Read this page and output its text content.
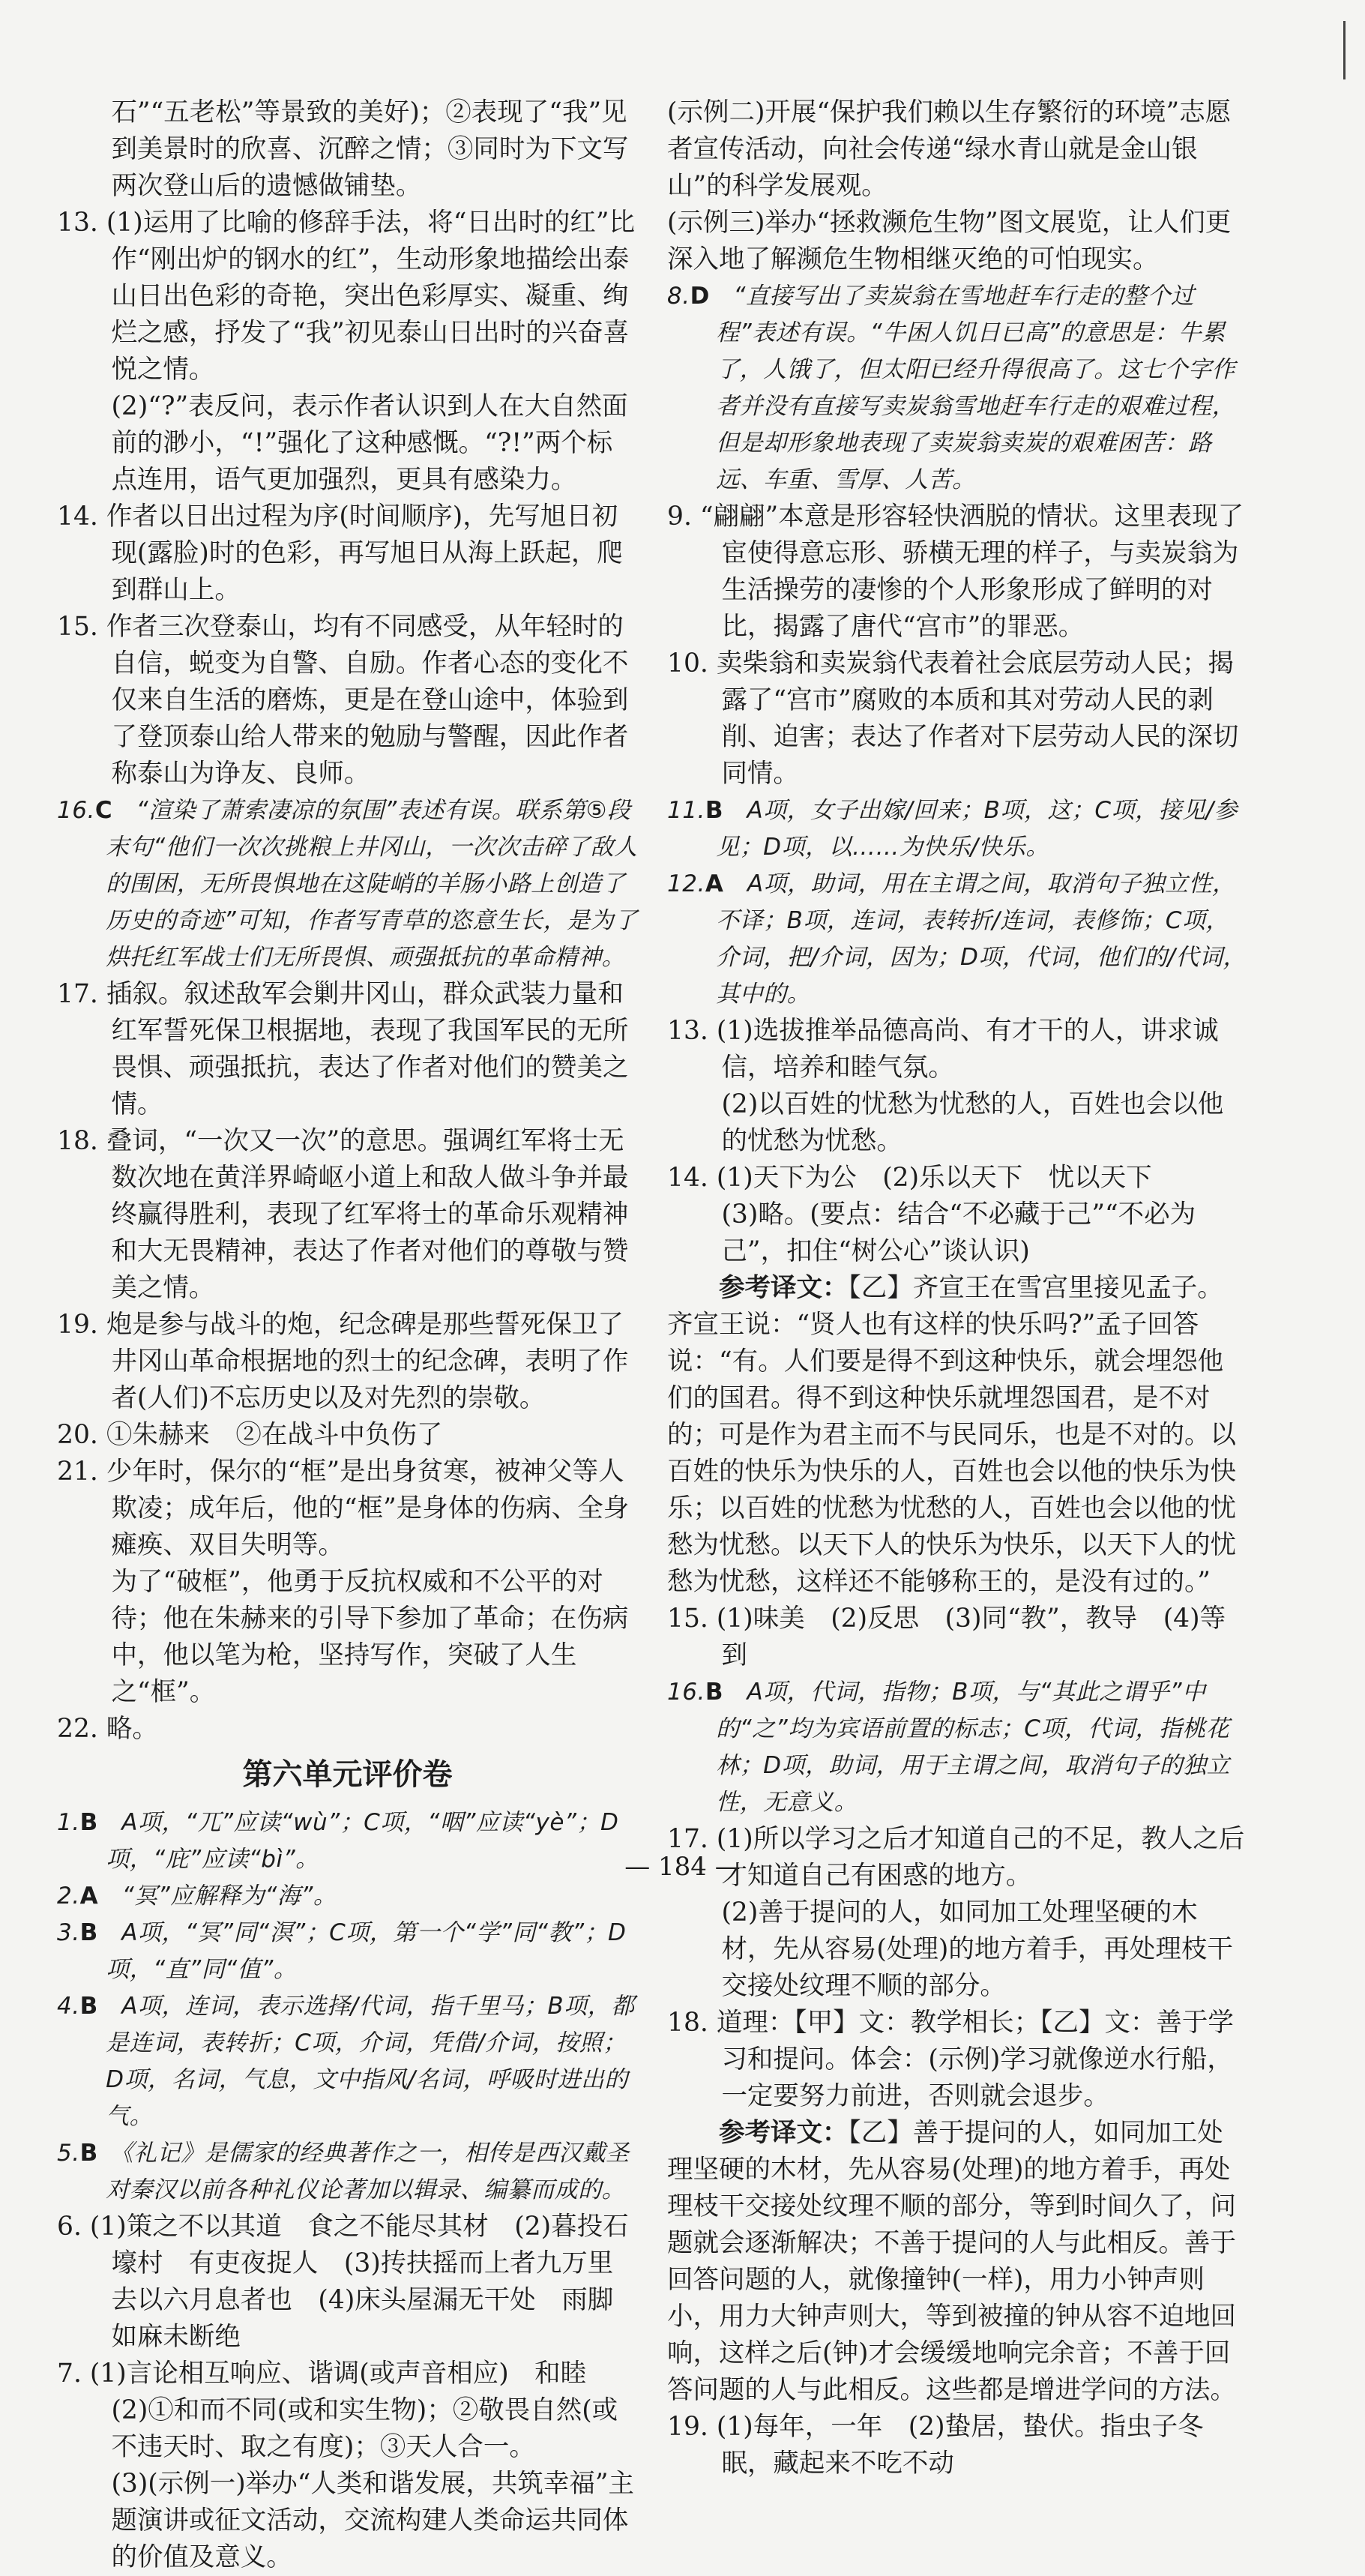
石”“五老松”等景致的美好)；②表现了“我”见到美景时的欣喜、沉醉之情；③同时为下文写两次登山后的遗憾做铺垫。

13. (1)运用了比喻的修辞手法，将“日出时的红”比作“刚出炉的钢水的红”，生动形象地描绘出泰山日出色彩的奇艳，突出色彩厚实、凝重、绚烂之感，抒发了“我”初见泰山日出时的兴奋喜悦之情。

(2)“?”表反问，表示作者认识到人在大自然面前的渺小，“!”强化了这种感慨。“?!”两个标点连用，语气更加强烈，更具有感染力。

14. 作者以日出过程为序(时间顺序)，先写旭日初现(露脸)时的色彩，再写旭日从海上跃起，爬到群山上。

15. 作者三次登泰山，均有不同感受，从年轻时的自信，蜕变为自警、自励。作者心态的变化不仅来自生活的磨炼，更是在登山途中，体验到了登顶泰山给人带来的勉励与警醒，因此作者称泰山为诤友、良师。

16.C　 “渲染了萧索凄凉的氛围”表述有误。联系第⑤段末句“他们一次次挑粮上井冈山，一次次击碎了敌人的围困，无所畏惧地在这陡峭的羊肠小路上创造了历史的奇迹”可知，作者写青草的恣意生长，是为了烘托红军战士们无所畏惧、顽强抵抗的革命精神。

17. 插叙。叙述敌军会剿井冈山，群众武装力量和红军誓死保卫根据地，表现了我国军民的无所畏惧、顽强抵抗，表达了作者对他们的赞美之情。

18. 叠词，“一次又一次”的意思。强调红军将士无数次地在黄洋界崎岖小道上和敌人做斗争并最终赢得胜利，表现了红军将士的革命乐观精神和大无畏精神，表达了作者对他们的尊敬与赞美之情。

19. 炮是参与战斗的炮，纪念碑是那些誓死保卫了井冈山革命根据地的烈士的纪念碑，表明了作者(人们)不忘历史以及对先烈的崇敬。

20. ①朱赫来　②在战斗中负伤了

21. 少年时，保尔的“框”是出身贫寒，被神父等人欺凌；成年后，他的“框”是身体的伤病、全身瘫痪、双目失明等。

为了“破框”，他勇于反抗权威和不公平的对待；他在朱赫来的引导下参加了革命；在伤病中，他以笔为枪，坚持写作，突破了人生之“框”。

22. 略。

第六单元评价卷

1.B　 A项，“兀”应读“wù”；C项，“咽”应读“yè”；D项，“庇”应读“bì”。

2.A　 “冥”应解释为“海”。

3.B　 A项，“冥”同“溟”；C项，第一个“学”同“教”；D项，“直”同“值”。

4.B　 A项，连词，表示选择/代词，指千里马；B项，都是连词，表转折；C项，介词，凭借/介词，按照；D项，名词，气息，文中指风/名词，呼吸时进出的气。

5.B　 《礼记》是儒家的经典著作之一，相传是西汉戴圣对秦汉以前各种礼仪论著加以辑录、编纂而成的。

6. (1)策之不以其道　食之不能尽其材　(2)暮投石壕村　有吏夜捉人　(3)抟扶摇而上者九万里　去以六月息者也　(4)床头屋漏无干处　雨脚如麻未断绝

7. (1)言论相互响应、谐调(或声音相应)　和睦

(2)①和而不同(或和实生物)；②敬畏自然(或不违天时、取之有度)；③天人合一。

(3)(示例一)举办“人类和谐发展，共筑幸福”主题演讲或征文活动，交流构建人类命运共同体的价值及意义。

(示例二)开展“保护我们赖以生存繁衍的环境”志愿者宣传活动，向社会传递“绿水青山就是金山银山”的科学发展观。

(示例三)举办“拯救濒危生物”图文展览，让人们更深入地了解濒危生物相继灭绝的可怕现实。

8.D　 “直接写出了卖炭翁在雪地赶车行走的整个过程”表述有误。“牛困人饥日已高”的意思是：牛累了，人饿了，但太阳已经升得很高了。这七个字作者并没有直接写卖炭翁雪地赶车行走的艰难过程，但是却形象地表现了卖炭翁卖炭的艰难困苦：路远、车重、雪厚、人苦。

9. “翩翩”本意是形容轻快洒脱的情状。这里表现了宦使得意忘形、骄横无理的样子，与卖炭翁为生活操劳的凄惨的个人形象形成了鲜明的对比，揭露了唐代“宫市”的罪恶。

10. 卖柴翁和卖炭翁代表着社会底层劳动人民；揭露了“宫市”腐败的本质和其对劳动人民的剥削、迫害；表达了作者对下层劳动人民的深切同情。

11.B　 A项，女子出嫁/回来；B项，这；C项，接见/参见；D项，以……为快乐/快乐。

12.A　 A项，助词，用在主谓之间，取消句子独立性，不译；B项，连词，表转折/连词，表修饰；C项，介词，把/介词，因为；D项，代词，他们的/代词，其中的。

13. (1)选拔推举品德高尚、有才干的人，讲求诚信，培养和睦气氛。

(2)以百姓的忧愁为忧愁的人，百姓也会以他的忧愁为忧愁。

14. (1)天下为公　(2)乐以天下　忧以天下

(3)略。(要点：结合“不必藏于己”“不必为己”，扣住“树公心”谈认识)

参考译文：【乙】齐宣王在雪宫里接见孟子。齐宣王说：“贤人也有这样的快乐吗?”孟子回答说：“有。人们要是得不到这种快乐，就会埋怨他们的国君。得不到这种快乐就埋怨国君，是不对的；可是作为君主而不与民同乐，也是不对的。以百姓的快乐为快乐的人，百姓也会以他的快乐为快乐；以百姓的忧愁为忧愁的人，百姓也会以他的忧愁为忧愁。以天下人的快乐为快乐，以天下人的忧愁为忧愁，这样还不能够称王的，是没有过的。”

15. (1)味美　(2)反思　(3)同“教”，教导　(4)等到

16.B　 A项，代词，指物；B项，与“其此之谓乎”中的“之”均为宾语前置的标志；C项，代词，指桃花林；D项，助词，用于主谓之间，取消句子的独立性，无意义。

17. (1)所以学习之后才知道自己的不足，教人之后才知道自己有困惑的地方。

(2)善于提问的人，如同加工处理坚硬的木材，先从容易(处理)的地方着手，再处理枝干交接处纹理不顺的部分。

18. 道理：【甲】文：教学相长；【乙】文：善于学习和提问。体会：(示例)学习就像逆水行船，一定要努力前进，否则就会退步。

参考译文：【乙】善于提问的人，如同加工处理坚硬的木材，先从容易(处理)的地方着手，再处理枝干交接处纹理不顺的部分，等到时间久了，问题就会逐渐解决；不善于提问的人与此相反。善于回答问题的人，就像撞钟(一样)，用力小钟声则小，用力大钟声则大，等到被撞的钟从容不迫地回响，这样之后(钟)才会缓缓地响完余音；不善于回答问题的人与此相反。这些都是增进学问的方法。

19. (1)每年，一年　(2)蛰居，蛰伏。指虫子冬眠，藏起来不吃不动

— 184 —
